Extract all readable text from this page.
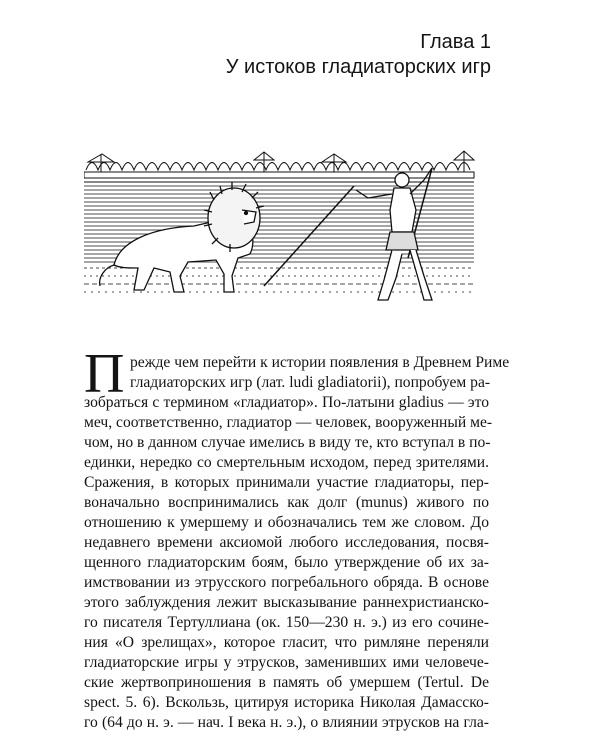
Глава 1
У истоков гладиаторских игр
П режде чем перейти к истории появления в Древнем Риме
гладиаторских игр (лат. ludi gladiatorii), попробуем ра-
зобраться с термином «гладиатор». По-латыни gladius — это
меч, соответственно, гладиатор — человек, вооруженный ме-
чом, но в данном случае имелись в виду те, кто вступал в по-
единки, нередко со смертельным исходом, перед зрителями.
Сражения, в которых принимали участие гладиаторы, пер-
воначально воспринимались как долг (munus) живого по
отношению к умершему и обозначались тем же словом. До
недавнего времени аксиомой любого исследования, посвя-
щенного гладиаторским боям, было утверждение об их за-
имствовании из этрусского погребального обряда. В основе
этого заблуждения лежит высказывание раннехристианско-
го писателя Тертуллиана (ок. 150—230 н. э.) из его сочине-
ния «О зрелищах», которое гласит, что римляне переняли
гладиаторские игры у этрусков, заменивших ими человече-
ские жертвоприношения в память об умершем (Tertul. De
spect. 5. 6). Вскользь, цитируя историка Николая Дамасско-
го (64 до н. э. — нач. I века н. э.), о влиянии этрусков на гла-
